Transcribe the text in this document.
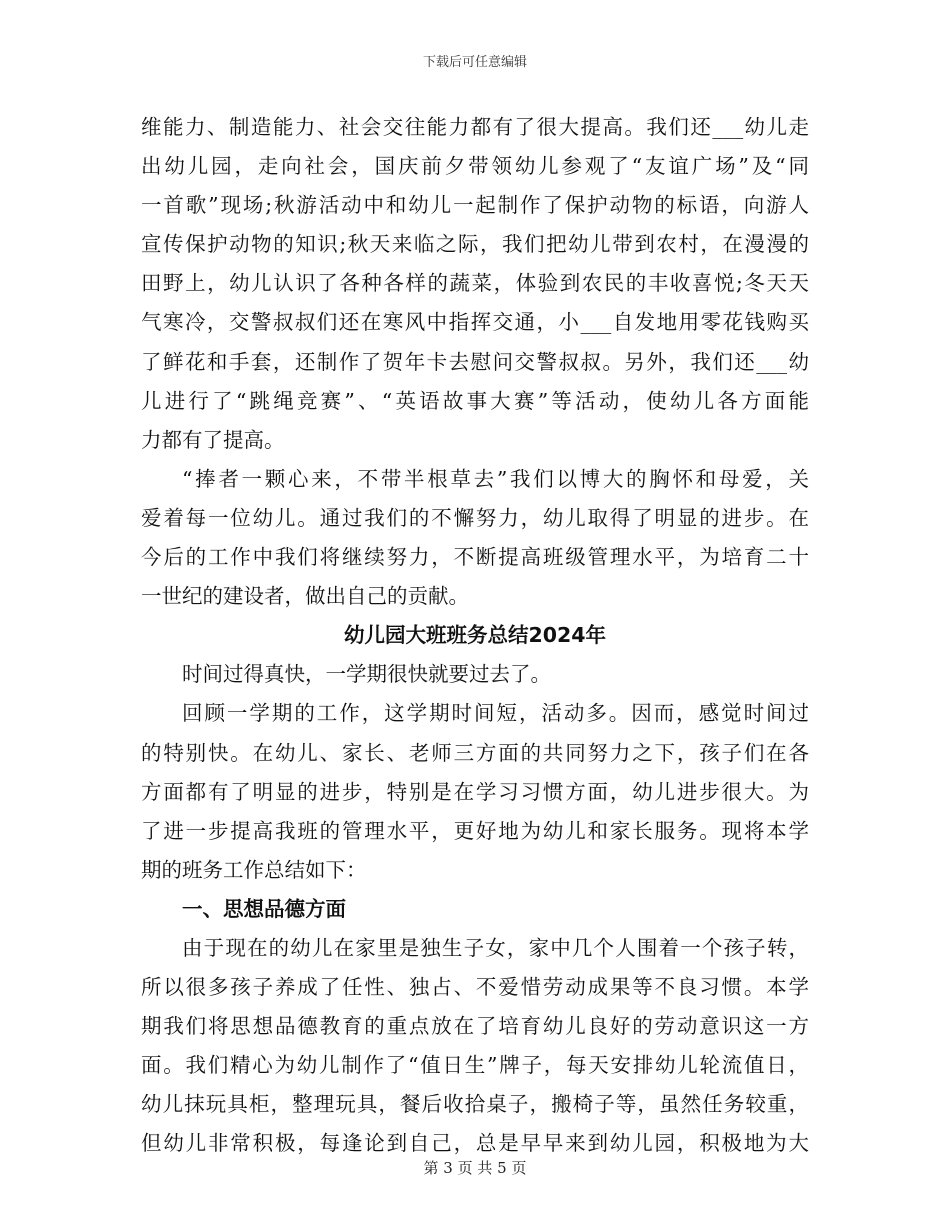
下载后可任意编辑
维能力、制造能力、社会交往能力都有了很大提高。我们还___幼儿走
出幼儿园，走向社会，国庆前夕带领幼儿参观了“友谊广场”及“同
一首歌”现场;秋游活动中和幼儿一起制作了保护动物的标语，向游人
宣传保护动物的知识;秋天来临之际，我们把幼儿带到农村，在漫漫的
田野上，幼儿认识了各种各样的蔬菜，体验到农民的丰收喜悦;冬天天
气寒冷，交警叔叔们还在寒风中指挥交通，小___自发地用零花钱购买
了鲜花和手套，还制作了贺年卡去慰问交警叔叔。另外，我们还___幼
儿进行了“跳绳竞赛”、“英语故事大赛”等活动，使幼儿各方面能
力都有了提高。
“捧者一颗心来，不带半根草去”我们以博大的胸怀和母爱，关
爱着每一位幼儿。通过我们的不懈努力，幼儿取得了明显的进步。在
今后的工作中我们将继续努力，不断提高班级管理水平，为培育二十
一世纪的建设者，做出自己的贡献。
幼儿园大班班务总结2024年
时间过得真快，一学期很快就要过去了。
回顾一学期的工作，这学期时间短，活动多。因而，感觉时间过
的特别快。在幼儿、家长、老师三方面的共同努力之下，孩子们在各
方面都有了明显的进步，特别是在学习习惯方面，幼儿进步很大。为
了进一步提高我班的管理水平，更好地为幼儿和家长服务。现将本学
期的班务工作总结如下：
一、思想品德方面
由于现在的幼儿在家里是独生子女，家中几个人围着一个孩子转，
所以很多孩子养成了任性、独占、不爱惜劳动成果等不良习惯。本学
期我们将思想品德教育的重点放在了培育幼儿良好的劳动意识这一方
面。我们精心为幼儿制作了“值日生”牌子，每天安排幼儿轮流值日，
幼儿抹玩具柜，整理玩具，餐后收拾桌子，搬椅子等，虽然任务较重，
但幼儿非常积极，每逢论到自己，总是早早来到幼儿园，积极地为大
第 3 页 共 5 页
